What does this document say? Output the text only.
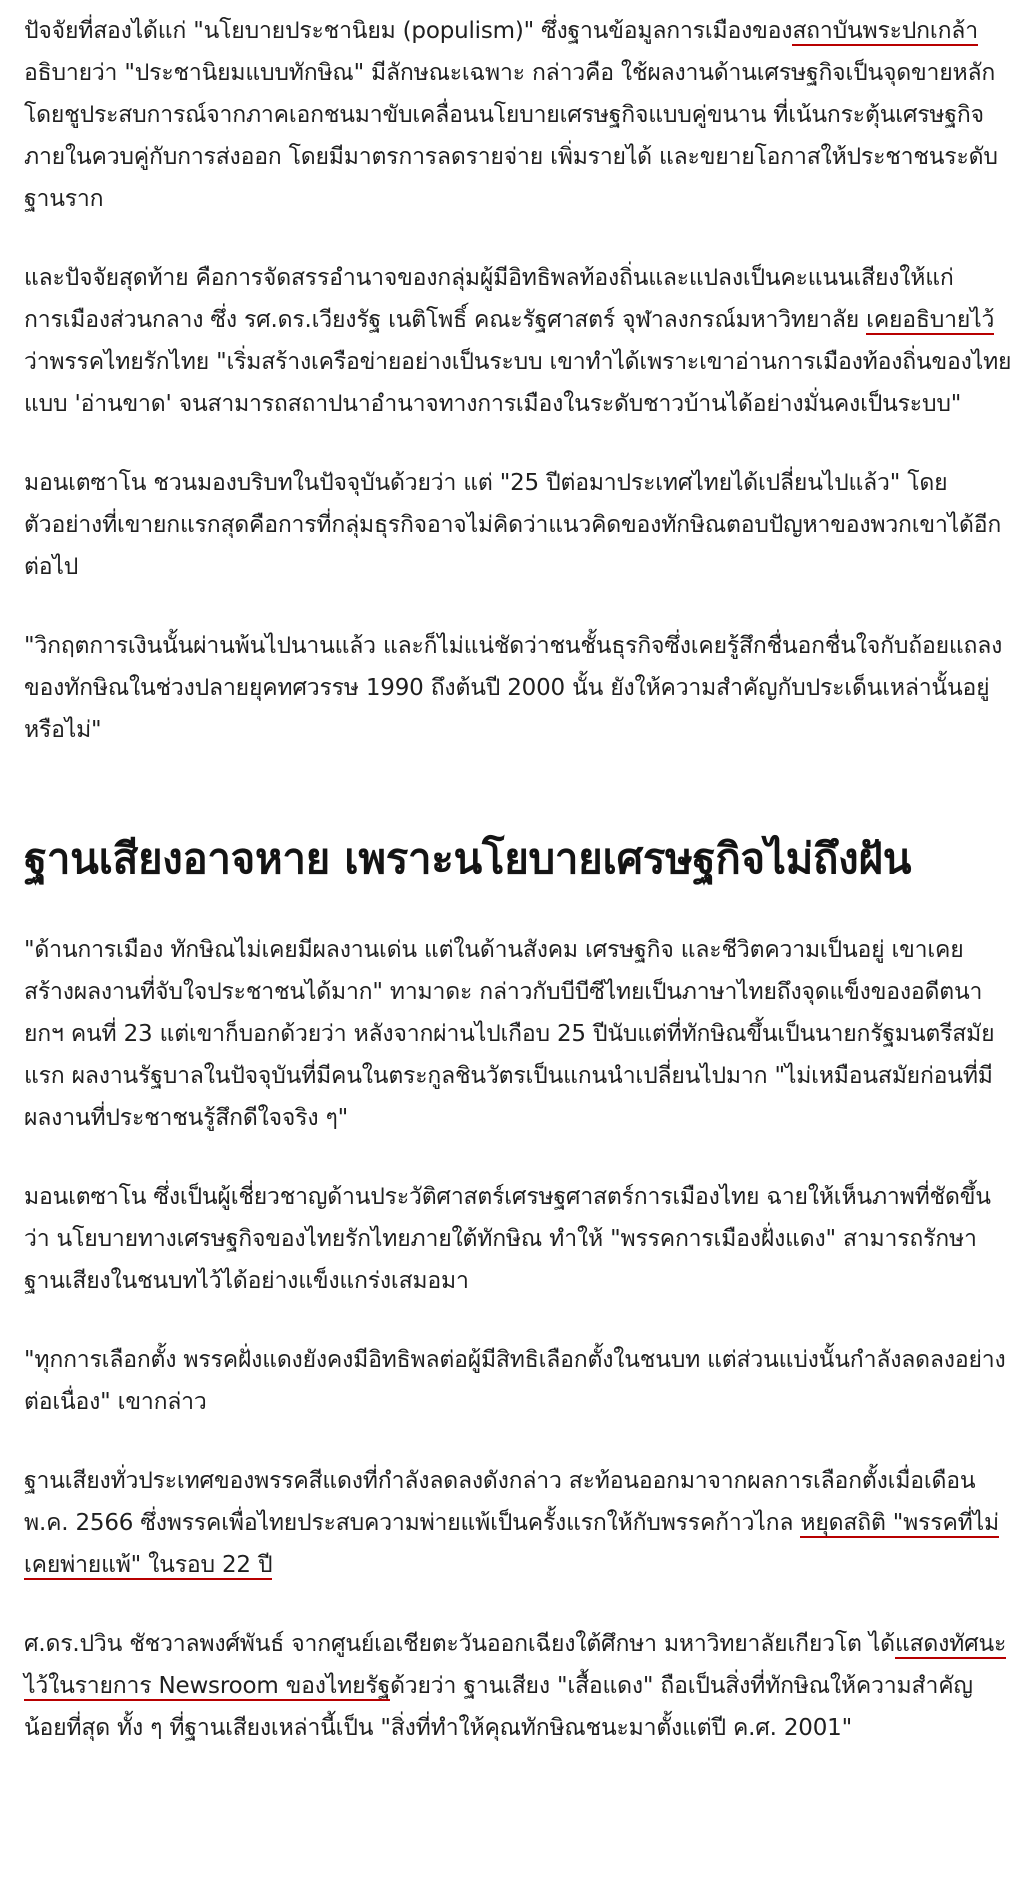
ปัจจัยที่สองได้แก่ "นโยบายประชานิยม (populism)" ซึ่งฐานข้อมูลการเมืองของสถาบันพระปกเกล้าอธิบายว่า "ประชานิยมแบบทักษิณ" มีลักษณะเฉพาะ กล่าวคือ ใช้ผลงานด้านเศรษฐกิจเป็นจุดขายหลัก โดยชูประสบการณ์จากภาคเอกชนมาขับเคลื่อนนโยบายเศรษฐกิจแบบคู่ขนาน ที่เน้นกระตุ้นเศรษฐกิจภายในควบคู่กับการส่งออก โดยมีมาตรการลดรายจ่าย เพิ่มรายได้ และขยายโอกาสให้ประชาชนระดับฐานราก

และปัจจัยสุดท้าย คือการจัดสรรอำนาจของกลุ่มผู้มีอิทธิพลท้องถิ่นและแปลงเป็นคะแนนเสียงให้แก่การเมืองส่วนกลาง ซึ่ง รศ.ดร.เวียงรัฐ เนติโพธิ์ คณะรัฐศาสตร์ จุฬาลงกรณ์มหาวิทยาลัย เคยอธิบายไว้ว่าพรรคไทยรักไทย "เริ่มสร้างเครือข่ายอย่างเป็นระบบ เขาทำได้เพราะเขาอ่านการเมืองท้องถิ่นของไทยแบบ 'อ่านขาด' จนสามารถสถาปนาอำนาจทางการเมืองในระดับชาวบ้านได้อย่างมั่นคงเป็นระบบ"

มอนเตซาโน ชวนมองบริบทในปัจจุบันด้วยว่า แต่ "25 ปีต่อมาประเทศไทยได้เปลี่ยนไปแล้ว" โดยตัวอย่างที่เขายกแรกสุดคือการที่กลุ่มธุรกิจอาจไม่คิดว่าแนวคิดของทักษิณตอบปัญหาของพวกเขาได้อีกต่อไป

"วิกฤตการเงินนั้นผ่านพ้นไปนานแล้ว และก็ไม่แน่ชัดว่าชนชั้นธุรกิจซึ่งเคยรู้สึกชื่นอกชื่นใจกับถ้อยแถลงของทักษิณในช่วงปลายยุคทศวรรษ 1990 ถึงต้นปี 2000 นั้น ยังให้ความสำคัญกับประเด็นเหล่านั้นอยู่หรือไม่"

ฐานเสียงอาจหาย เพราะนโยบายเศรษฐกิจไม่ถึงฝัน

"ด้านการเมือง ทักษิณไม่เคยมีผลงานเด่น แต่ในด้านสังคม เศรษฐกิจ และชีวิตความเป็นอยู่ เขาเคยสร้างผลงานที่จับใจประชาชนได้มาก" ทามาดะ กล่าวกับบีบีซีไทยเป็นภาษาไทยถึงจุดแข็งของอดีตนายกฯ คนที่ 23 แต่เขาก็บอกด้วยว่า หลังจากผ่านไปเกือบ 25 ปีนับแต่ที่ทักษิณขึ้นเป็นนายกรัฐมนตรีสมัยแรก ผลงานรัฐบาลในปัจจุบันที่มีคนในตระกูลชินวัตรเป็นแกนนำเปลี่ยนไปมาก "ไม่เหมือนสมัยก่อนที่มีผลงานที่ประชาชนรู้สึกดีใจจริง ๆ"

มอนเตซาโน ซึ่งเป็นผู้เชี่ยวชาญด้านประวัติศาสตร์เศรษฐศาสตร์การเมืองไทย ฉายให้เห็นภาพที่ชัดขึ้นว่า นโยบายทางเศรษฐกิจของไทยรักไทยภายใต้ทักษิณ ทำให้ "พรรคการเมืองฝั่งแดง" สามารถรักษาฐานเสียงในชนบทไว้ได้อย่างแข็งแกร่งเสมอมา

"ทุกการเลือกตั้ง พรรคฝั่งแดงยังคงมีอิทธิพลต่อผู้มีสิทธิเลือกตั้งในชนบท แต่ส่วนแบ่งนั้นกำลังลดลงอย่างต่อเนื่อง" เขากล่าว

ฐานเสียงทั่วประเทศของพรรคสีแดงที่กำลังลดลงดังกล่าว สะท้อนออกมาจากผลการเลือกตั้งเมื่อเดือน พ.ค. 2566 ซึ่งพรรคเพื่อไทยประสบความพ่ายแพ้เป็นครั้งแรกให้กับพรรคก้าวไกล หยุดสถิติ "พรรคที่ไม่เคยพ่ายแพ้" ในรอบ 22 ปี

ศ.ดร.ปวิน ชัชวาลพงศ์พันธ์ จากศูนย์เอเชียตะวันออกเฉียงใต้ศึกษา มหาวิทยาลัยเกียวโต ได้แสดงทัศนะไว้ในรายการ Newsroom ของไทยรัฐด้วยว่า ฐานเสียง "เสื้อแดง" ถือเป็นสิ่งที่ทักษิณให้ความสำคัญน้อยที่สุด ทั้ง ๆ ที่ฐานเสียงเหล่านี้เป็น "สิ่งที่ทำให้คุณทักษิณชนะมาตั้งแต่ปี ค.ศ. 2001"
